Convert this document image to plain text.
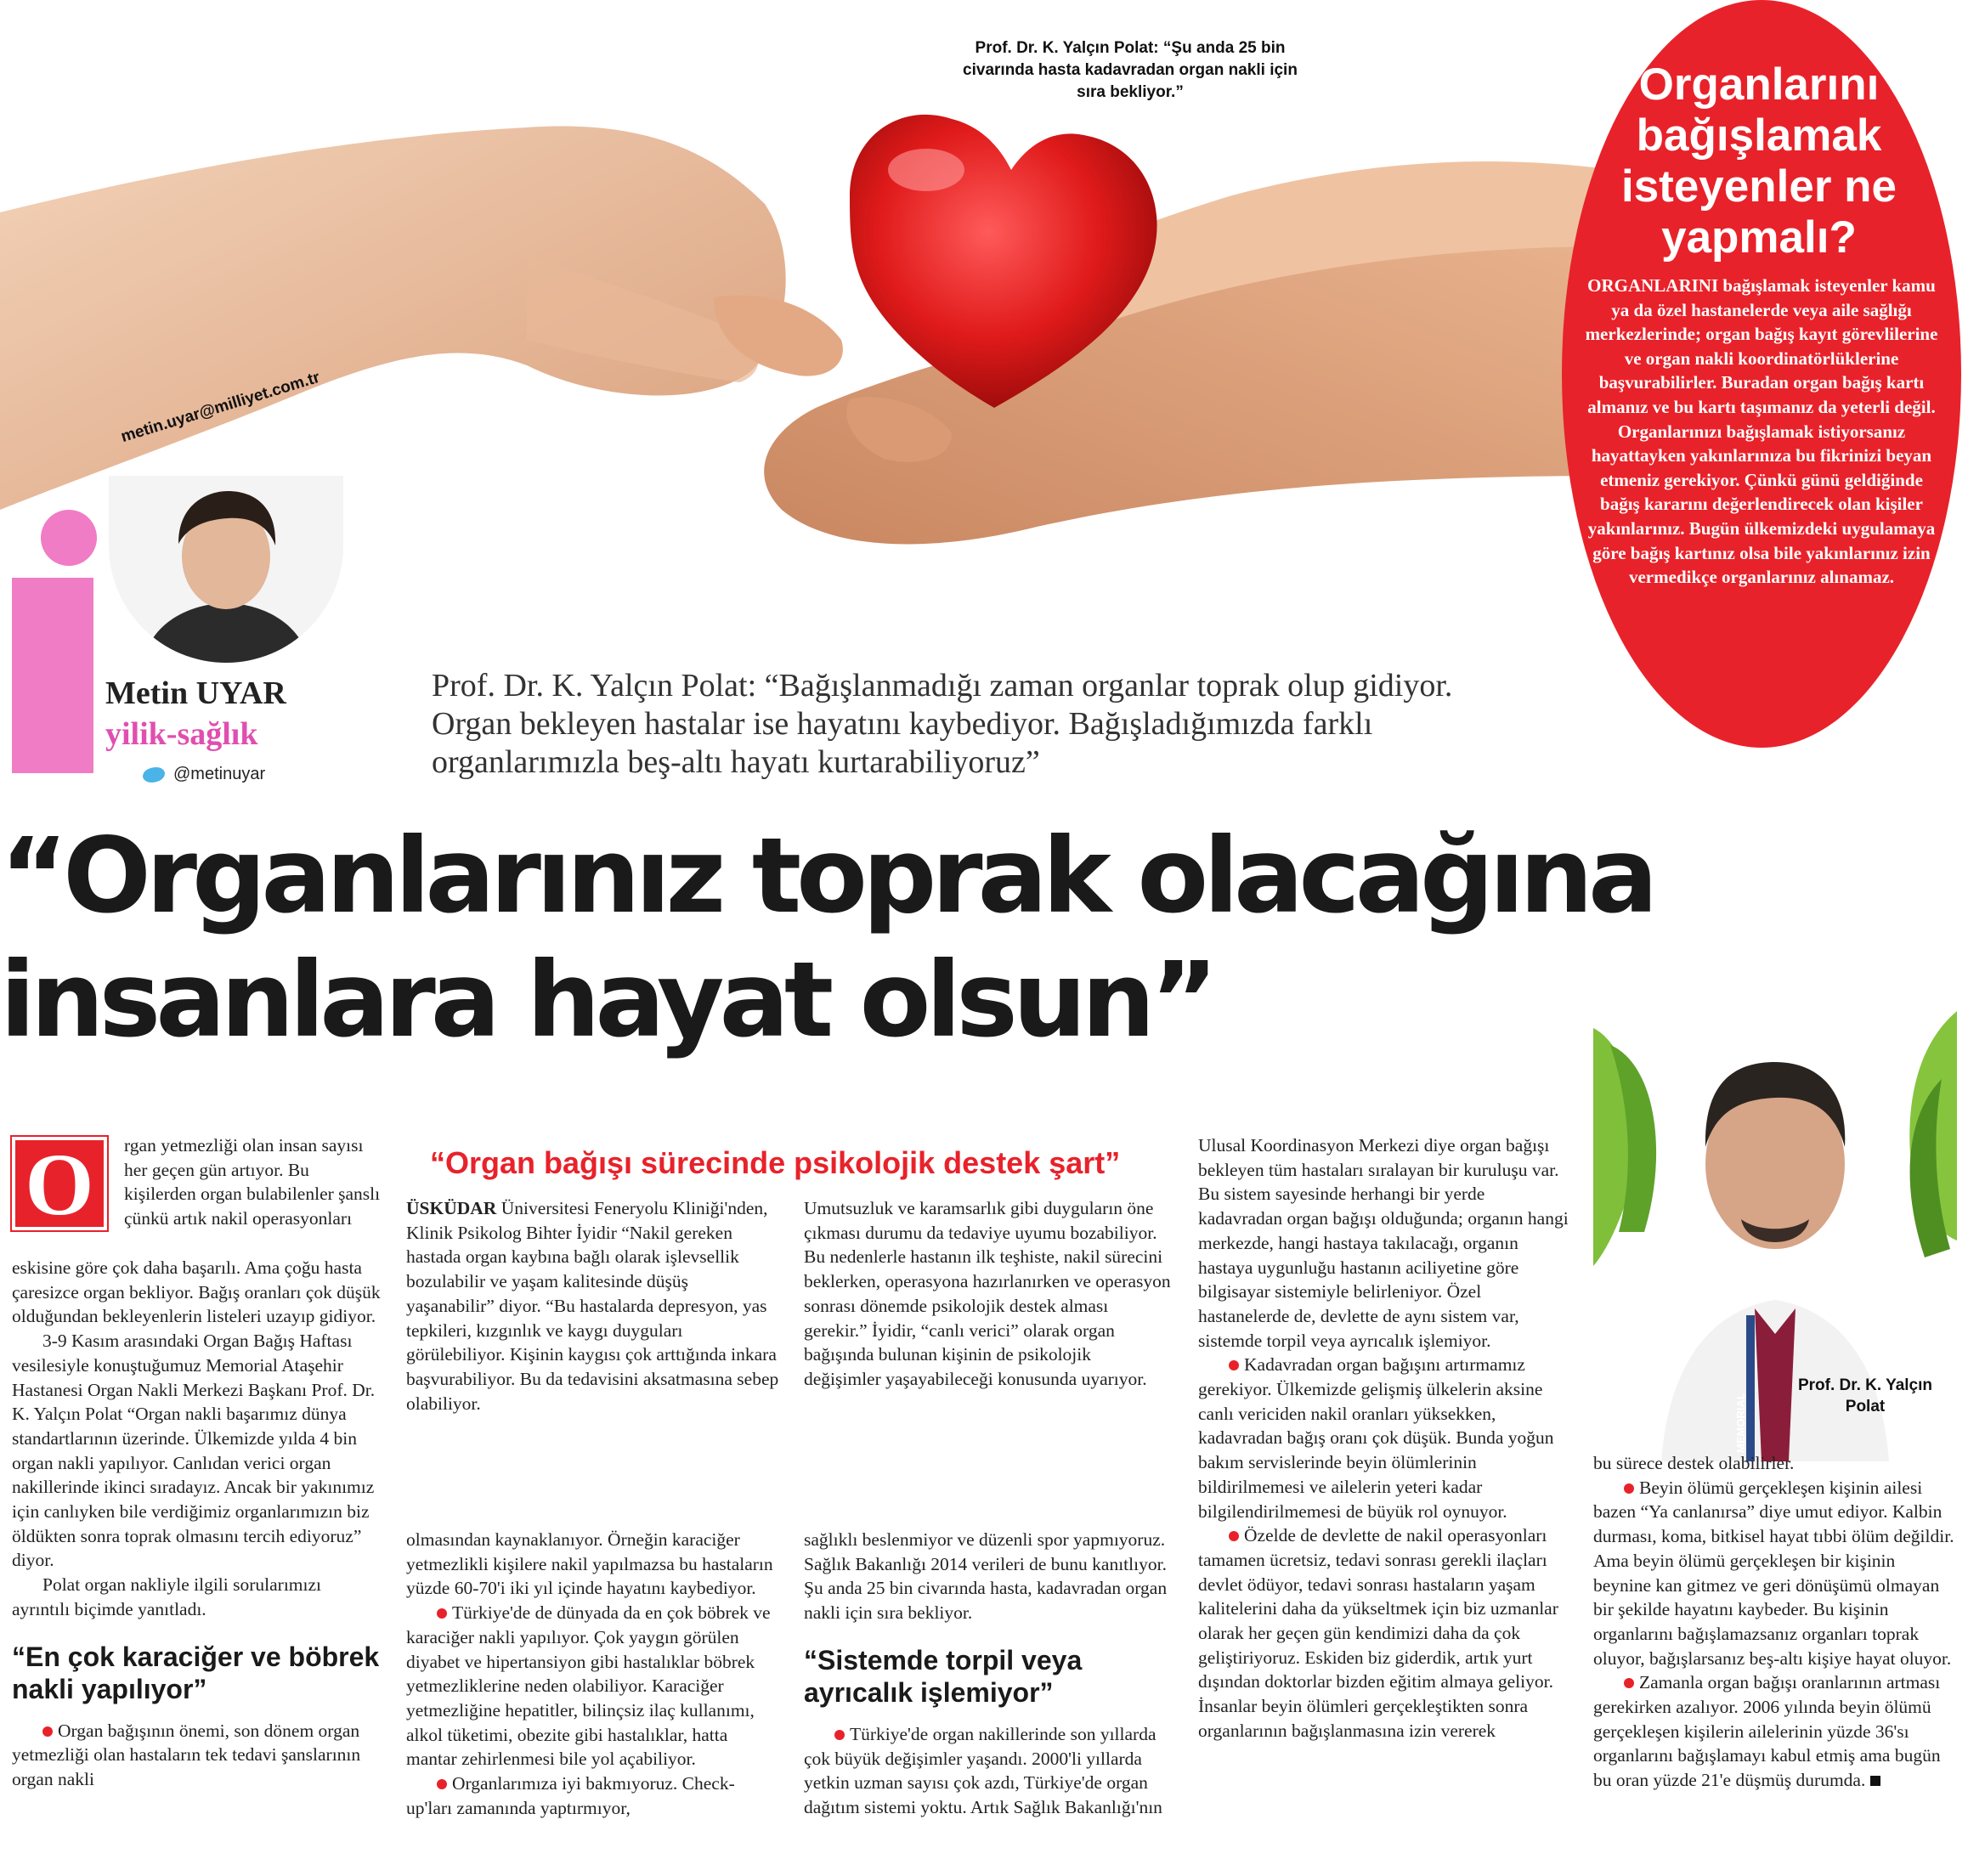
Prof. Dr. K. Yalçın Polat: “Şu anda 25 bin civarında hasta kadavradan organ nakli için sıra bekliyor.”	Organlarını bağışlamak isteyenler ne yapmalı?
ORGANLARINI bağışlamak isteyenler kamu ya da özel hastanelerde veya aile sağlığı merkezlerinde; organ bağış kayıt görevlilerine ve organ nakli koordinatörlüklerine başvurabilirler. Buradan organ bağış kartı almanız ve bu kartı taşımanız da yeterli değil. Organlarınızı bağışlamak istiyorsanız hayattayken yakınlarınıza bu fikrinizi beyan etmeniz gerekiyor. Çünkü günü geldiğinde bağış kararını değerlendirecek olan kişiler yakınlarınız. Bugün ülkemizdeki uygulamaya göre bağış kartınız olsa bile yakınlarınız izin vermedikçe organlarınız alınamaz.
metin.uyar@milliyet.com.tr
Metin UYAR
yilik-sağlık
@metinuyar
Prof. Dr. K. Yalçın Polat: “Bağışlanmadığı zaman organlar toprak olup gidiyor. Organ bekleyen hastalar ise hayatını kaybediyor. Bağışladığımızda farklı organlarımızla beş-altı hayatı kurtarabiliyoruz”
“Organlarınız toprak olacağına
insanlara hayat olsun”
O	rgan yetmezliği olan insan sayısı her geçen gün artıyor. Bu kişilerden organ bulabilenler şanslı çünkü artık nakil operasyonları

eskisine göre çok daha başarılı. Ama çoğu hasta çaresizce organ bekliyor. Bağış oranları çok düşük olduğundan bekleyenlerin listeleri uzayıp gidiyor.

3-9 Kasım arasındaki Organ Bağış Haftası vesilesiyle konuştuğumuz Memorial Ataşehir Hastanesi Organ Nakli Merkezi Başkanı Prof. Dr. K. Yalçın Polat “Organ nakli başarımız dünya standartlarının üzerinde. Ülkemizde yılda 4 bin organ nakli yapılıyor. Canlıdan verici organ nakillerinde ikinci sıradayız. Ancak bir yakınımız için canlıyken bile verdiğimiz organlarımızın biz öldükten sonra toprak olmasını tercih ediyoruz” diyor.

Polat organ nakliyle ilgili sorularımızı ayrıntılı biçimde yanıtladı.

“En çok karaciğer ve böbrek nakli yapılıyor”

Organ bağışının önemi, son dönem organ yetmezliği olan hastaların tek tedavi şanslarının organ nakli

“Organ bağışı sürecinde psikolojik destek şart”

ÜSKÜDAR Üniversitesi Feneryolu Kliniği'nden, Klinik Psikolog Bihter İyidir “Nakil gereken hastada organ kaybına bağlı olarak işlevsellik bozulabilir ve yaşam kalitesinde düşüş yaşanabilir” diyor. “Bu hastalarda depresyon, yas tepkileri, kızgınlık ve kaygı duyguları görülebiliyor. Kişinin kaygısı çok arttığında inkara başvurabiliyor. Bu da tedavisini aksatmasına sebep olabiliyor.

Umutsuzluk ve karamsarlık gibi duyguların öne çıkması durumu da tedaviye uyumu bozabiliyor. Bu nedenlerle hastanın ilk teşhiste, nakil sürecini beklerken, operasyona hazırlanırken ve operasyon sonrası dönemde psikolojik destek alması gerekir.” İyidir, “canlı verici” olarak organ bağışında bulunan kişinin de psikolojik değişimler yaşayabileceği konusunda uyarıyor.

olmasından kaynaklanıyor. Örneğin karaciğer yetmezlikli kişilere nakil yapılmazsa bu hastaların yüzde 60-70'i iki yıl içinde hayatını kaybediyor.

Türkiye'de de dünyada da en çok böbrek ve karaciğer nakli yapılıyor. Çok yaygın görülen diyabet ve hipertansiyon gibi hastalıklar böbrek yetmezliklerine neden olabiliyor. Karaciğer yetmezliğine hepatitler, bilinçsiz ilaç kullanımı, alkol tüketimi, obezite gibi hastalıklar, hatta mantar zehirlenmesi bile yol açabiliyor.

Organlarımıza iyi bakmıyoruz. Check-up'ları zamanında yaptırmıyor,

sağlıklı beslenmiyor ve düzenli spor yapmıyoruz. Sağlık Bakanlığı 2014 verileri de bunu kanıtlıyor. Şu anda 25 bin civarında hasta, kadavradan organ nakli için sıra bekliyor.

“Sistemde torpil veya ayrıcalık işlemiyor”

Türkiye'de organ nakillerinde son yıllarda çok büyük değişimler yaşandı. 2000'li yıllarda yetkin uzman sayısı çok azdı, Türkiye'de organ dağıtım sistemi yoktu. Artık Sağlık Bakanlığı'nın

Ulusal Koordinasyon Merkezi diye organ bağışı bekleyen tüm hastaları sıralayan bir kuruluşu var. Bu sistem sayesinde herhangi bir yerde kadavradan organ bağışı olduğunda; organın hangi merkezde, hangi hastaya takılacağı, organın hastaya uygunluğu hastanın aciliyetine göre bilgisayar sistemiyle belirleniyor. Özel hastanelerde de, devlette de aynı sistem var, sistemde torpil veya ayrıcalık işlemiyor.

Kadavradan organ bağışını artırmamız gerekiyor. Ülkemizde gelişmiş ülkelerin aksine canlı vericiden nakil oranları yüksekken, kadavradan bağış oranı çok düşük. Bunda yoğun bakım servislerinde beyin ölümlerinin bildirilmemesi ve ailelerin yeteri kadar bilgilendirilmemesi de büyük rol oynuyor.

Özelde de devlette de nakil operasyonları tamamen ücretsiz, tedavi sonrası gerekli ilaçları devlet ödüyor, tedavi sonrası hastaların yaşam kalitelerini daha da yükseltmek için biz uzmanlar olarak her geçen gün kendimizi daha da çok geliştiriyoruz. Eskiden biz giderdik, artık yurt dışından doktorlar bizden eğitim almaya geliyor. İnsanlar beyin ölümleri gerçekleştikten sonra organlarının bağışlanmasına izin vererek

MEMORIAL
Prof. Dr. K. Yalçın Polat

bu sürece destek olabilirler.

Beyin ölümü gerçekleşen kişinin ailesi bazen “Ya canlanırsa” diye umut ediyor. Kalbin durması, koma, bitkisel hayat tıbbi ölüm değildir. Ama beyin ölümü gerçekleşen bir kişinin beynine kan gitmez ve geri dönüşümü olmayan bir şekilde hayatını kaybeder. Bu kişinin organlarını bağışlamazsanız organları toprak oluyor, bağışlarsanız beş-altı kişiye hayat oluyor.

Zamanla organ bağışı oranlarının artması gerekirken azalıyor. 2006 yılında beyin ölümü gerçekleşen kişilerin ailelerinin yüzde 36'sı organlarını bağışlamayı kabul etmiş ama bugün bu oran yüzde 21'e düşmüş durumda.
